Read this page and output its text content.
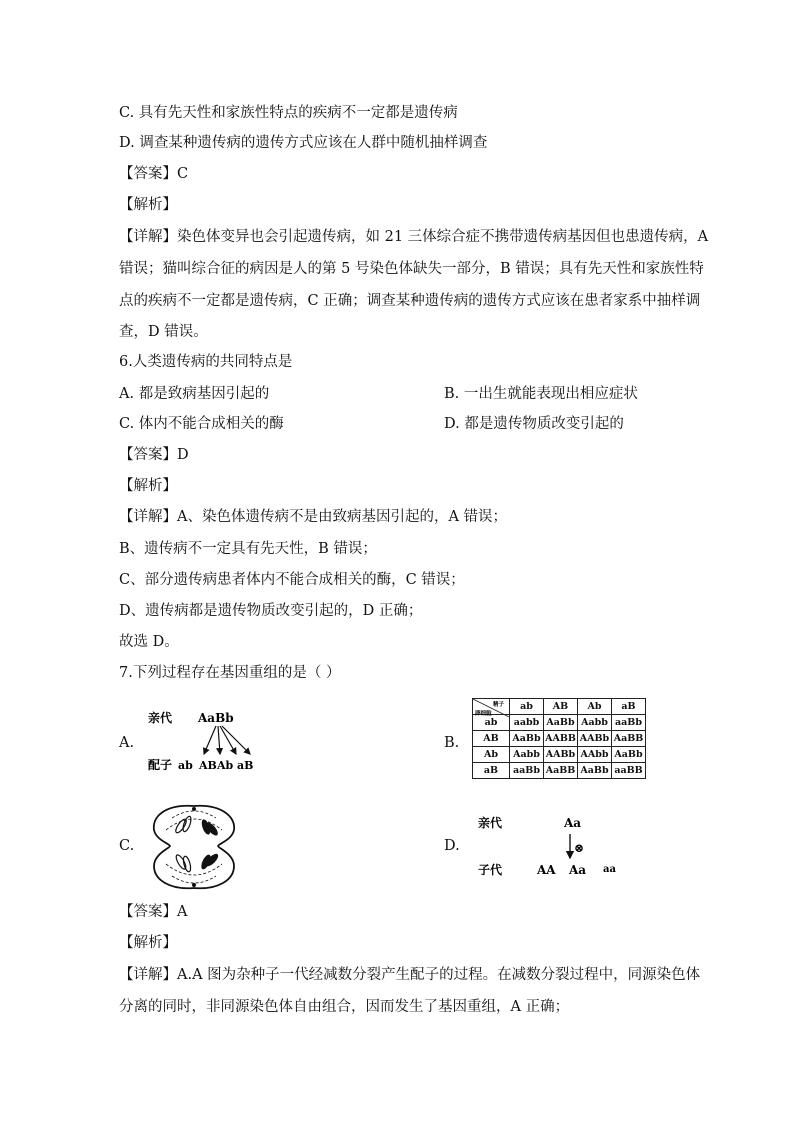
C. 具有先天性和家族性特点的疾病不一定都是遗传病
D. 调查某种遗传病的遗传方式应该在人群中随机抽样调查
【答案】C
【解析】
【详解】染色体变异也会引起遗传病，如 21 三体综合症不携带遗传病基因但也患遗传病，A
错误；猫叫综合征的病因是人的第 5 号染色体缺失一部分，B 错误；具有先天性和家族性特
点的疾病不一定都是遗传病，C 正确；调查某种遗传病的遗传方式应该在患者家系中抽样调
查，D 错误。
6.人类遗传病的共同特点是
A. 都是致病基因引起的	B. 一出生就能表现出相应症状
C. 体内不能合成相关的酶	D. 都是遗传物质改变引起的
【答案】D
【解析】
【详解】A、染色体遗传病不是由致病基因引起的，A 错误；
B、遗传病不一定具有先天性，B 错误；
C、部分遗传病患者体内不能合成相关的酶，C 错误；
D、遗传病都是遗传物质改变引起的，D 正确；
故选 D。
7.下列过程存在基因重组的是（ ）
A.
亲代 AaBb
配子 ab AB Ab aB
B.
精子
卵细胞	ab	AB	Ab	aB
ab	aabb	AaBb	Aabb	aaBb
AB	AaBb	AABB	AABb	AaBB
Ab	Aabb	AABb	AAbb	AaBb
aB	aaBb	AaBB	AaBb	aaBB
C.	D.
亲代	Aa
⊗
子代	AA Aa aa
【答案】A
【解析】
【详解】A.A 图为杂种子一代经减数分裂产生配子的过程。在减数分裂过程中，同源染色体
分离的同时，非同源染色体自由组合，因而发生了基因重组，A 正确；
